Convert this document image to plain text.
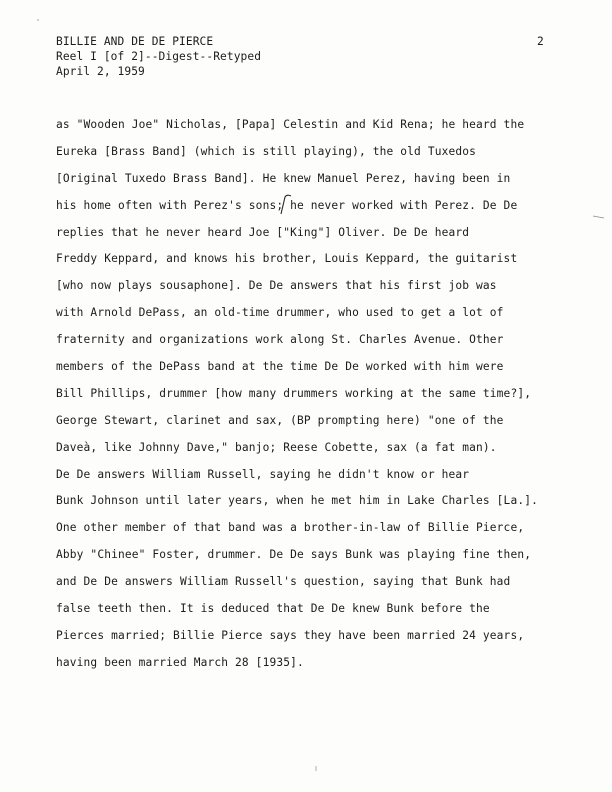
BILLIE AND DE DE PIERCE
Reel I [of 2]--Digest--Retyped
April 2, 1959
2
as "Wooden Joe" Nicholas, [Papa] Celestin and Kid Rena; he heard the
Eureka [Brass Band] (which is still playing), the old Tuxedos
[Original Tuxedo Brass Band]. He knew Manuel Perez, having been in
his home often with Perez's sons; he never worked with Perez. De De
replies that he never heard Joe ["King"] Oliver. De De heard
Freddy Keppard, and knows his brother, Louis Keppard, the guitarist
[who now plays sousaphone]. De De answers that his first job was
with Arnold DePass, an old-time drummer, who used to get a lot of
fraternity and organizations work along St. Charles Avenue. Other
members of the DePass band at the time De De worked with him were
Bill Phillips, drummer [how many drummers working at the same time?],
George Stewart, clarinet and sax, (BP prompting here) "one of the
Daveà, like Johnny Dave," banjo; Reese Cobette, sax (a fat man).
De De answers William Russell, saying he didn't know or hear
Bunk Johnson until later years, when he met him in Lake Charles [La.].
One other member of that band was a brother-in-law of Billie Pierce,
Abby "Chinee" Foster, drummer. De De says Bunk was playing fine then,
and De De answers William Russell's question, saying that Bunk had
false teeth then. It is deduced that De De knew Bunk before the
Pierces married; Billie Pierce says they have been married 24 years,
having been married March 28 [1935].
